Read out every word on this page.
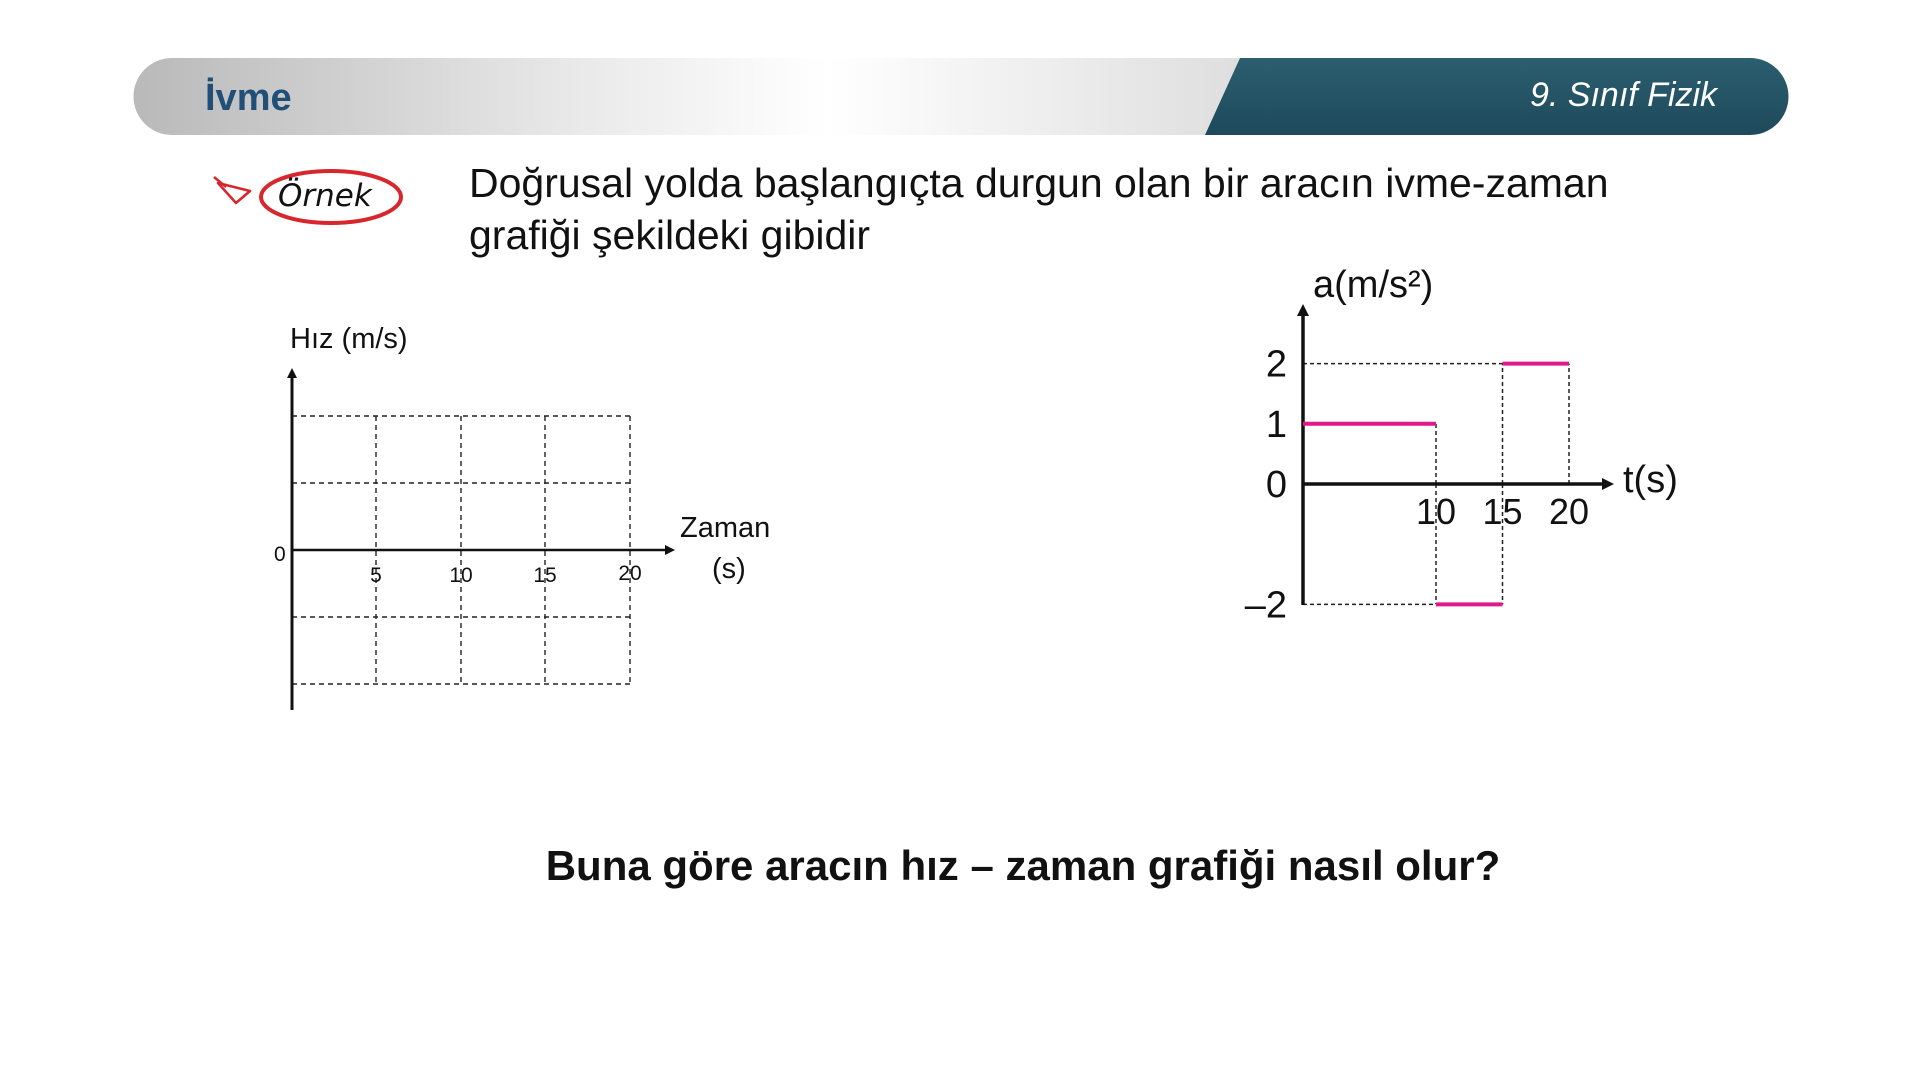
İvme	9. Sınıf Fizik
Örnek Doğrusal yolda başlangıçta durgun olan bir aracın ivme-zaman
grafiği şekildeki gibidir
Hız (m/s)
0
Zaman
(s)
5	10	15	20
a(m/s²)
t(s)
10 15 20
2
1
0
–2
Buna göre aracın hız – zaman grafiği nasıl olur?
